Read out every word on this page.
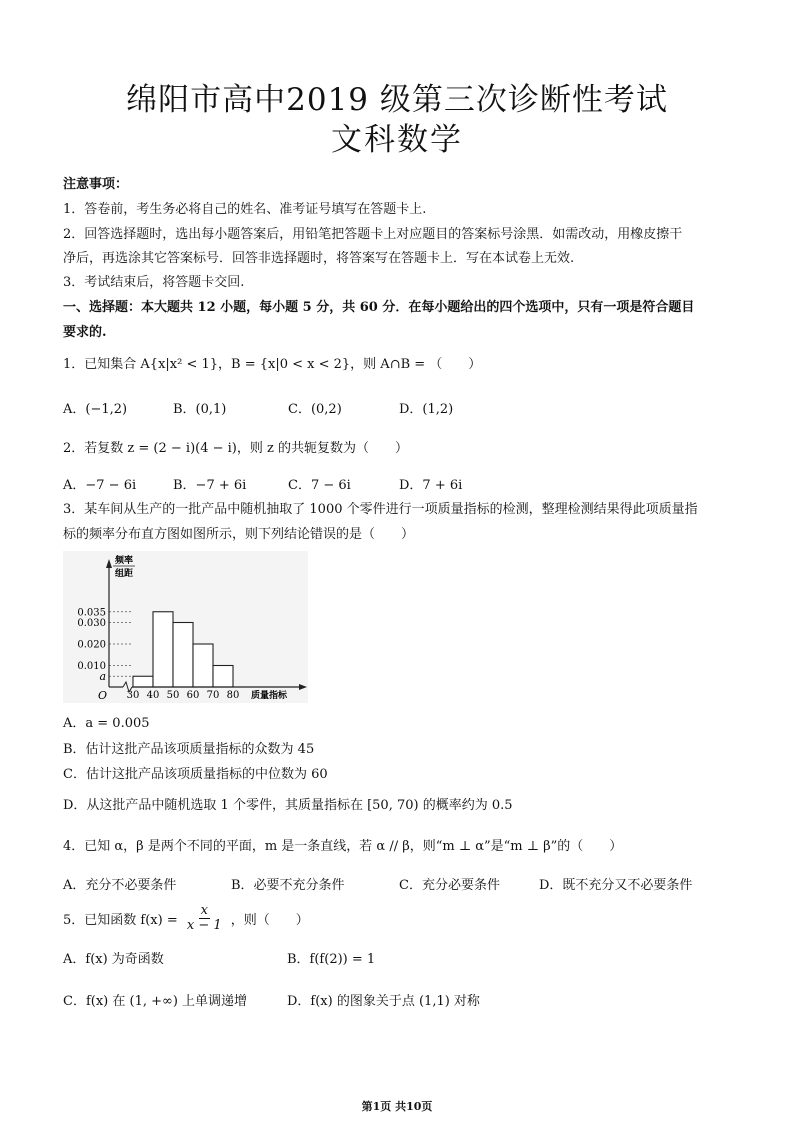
绵阳市高中2019 级第三次诊断性考试
文科数学
注意事项：
1．答卷前，考生务必将自己的姓名、准考证号填写在答题卡上.
2．回答选择题时，选出每小题答案后，用铅笔把答题卡上对应题目的答案标号涂黑．如需改动，用橡皮擦干
净后，再选涂其它答案标号．回答非选择题时，将答案写在答题卡上．写在本试卷上无效.
3．考试结束后，将答题卡交回.
一、选择题：本大题共 12 小题，每小题 5 分，共 60 分．在每小题给出的四个选项中，只有一项是符合题目
要求的.
1．已知集合 A{x|x² < 1}，B = {x|0 < x < 2}，则 A∩B = （　　）
A．(−1,2)	B．(0,1)	C．(0,2)	D．(1,2)
2．若复数 z = (2 − i)(4 − i)，则 z 的共轭复数为（　　）
A．−7 − 6i	B．−7 + 6i	C．7 − 6i	D．7 + 6i
3．某车间从生产的一批产品中随机抽取了 1000 个零件进行一项质量指标的检测，整理检测结果得此项质量指
标的频率分布直方图如图所示，则下列结论错误的是（　　）
频率
组距
0.035
0.030
0.020
0.010
a
30 40 50 60 70 80
O	质量指标
A．a = 0.005
B．估计这批产品该项质量指标的众数为 45
C．估计这批产品该项质量指标的中位数为 60
D．从这批产品中随机选取 1 个零件，其质量指标在 [50, 70) 的概率约为 0.5
4．已知 α，β 是两个不同的平面，m 是一条直线，若 α // β，则“m ⊥ α”是“m ⊥ β”的（　　）
A．充分不必要条件	B．必要不充分条件	C．充分必要条件	D．既不充分又不必要条件
5．已知函数 $f(x) = \frac{x}{x - 1}$ ，则（　　）
A．f(x) 为奇函数	B．f(f(2)) = 1
C．f(x) 在 (1, +∞) 上单调递增	D．f(x) 的图象关于点 (1,1) 对称
第1页 共10页
